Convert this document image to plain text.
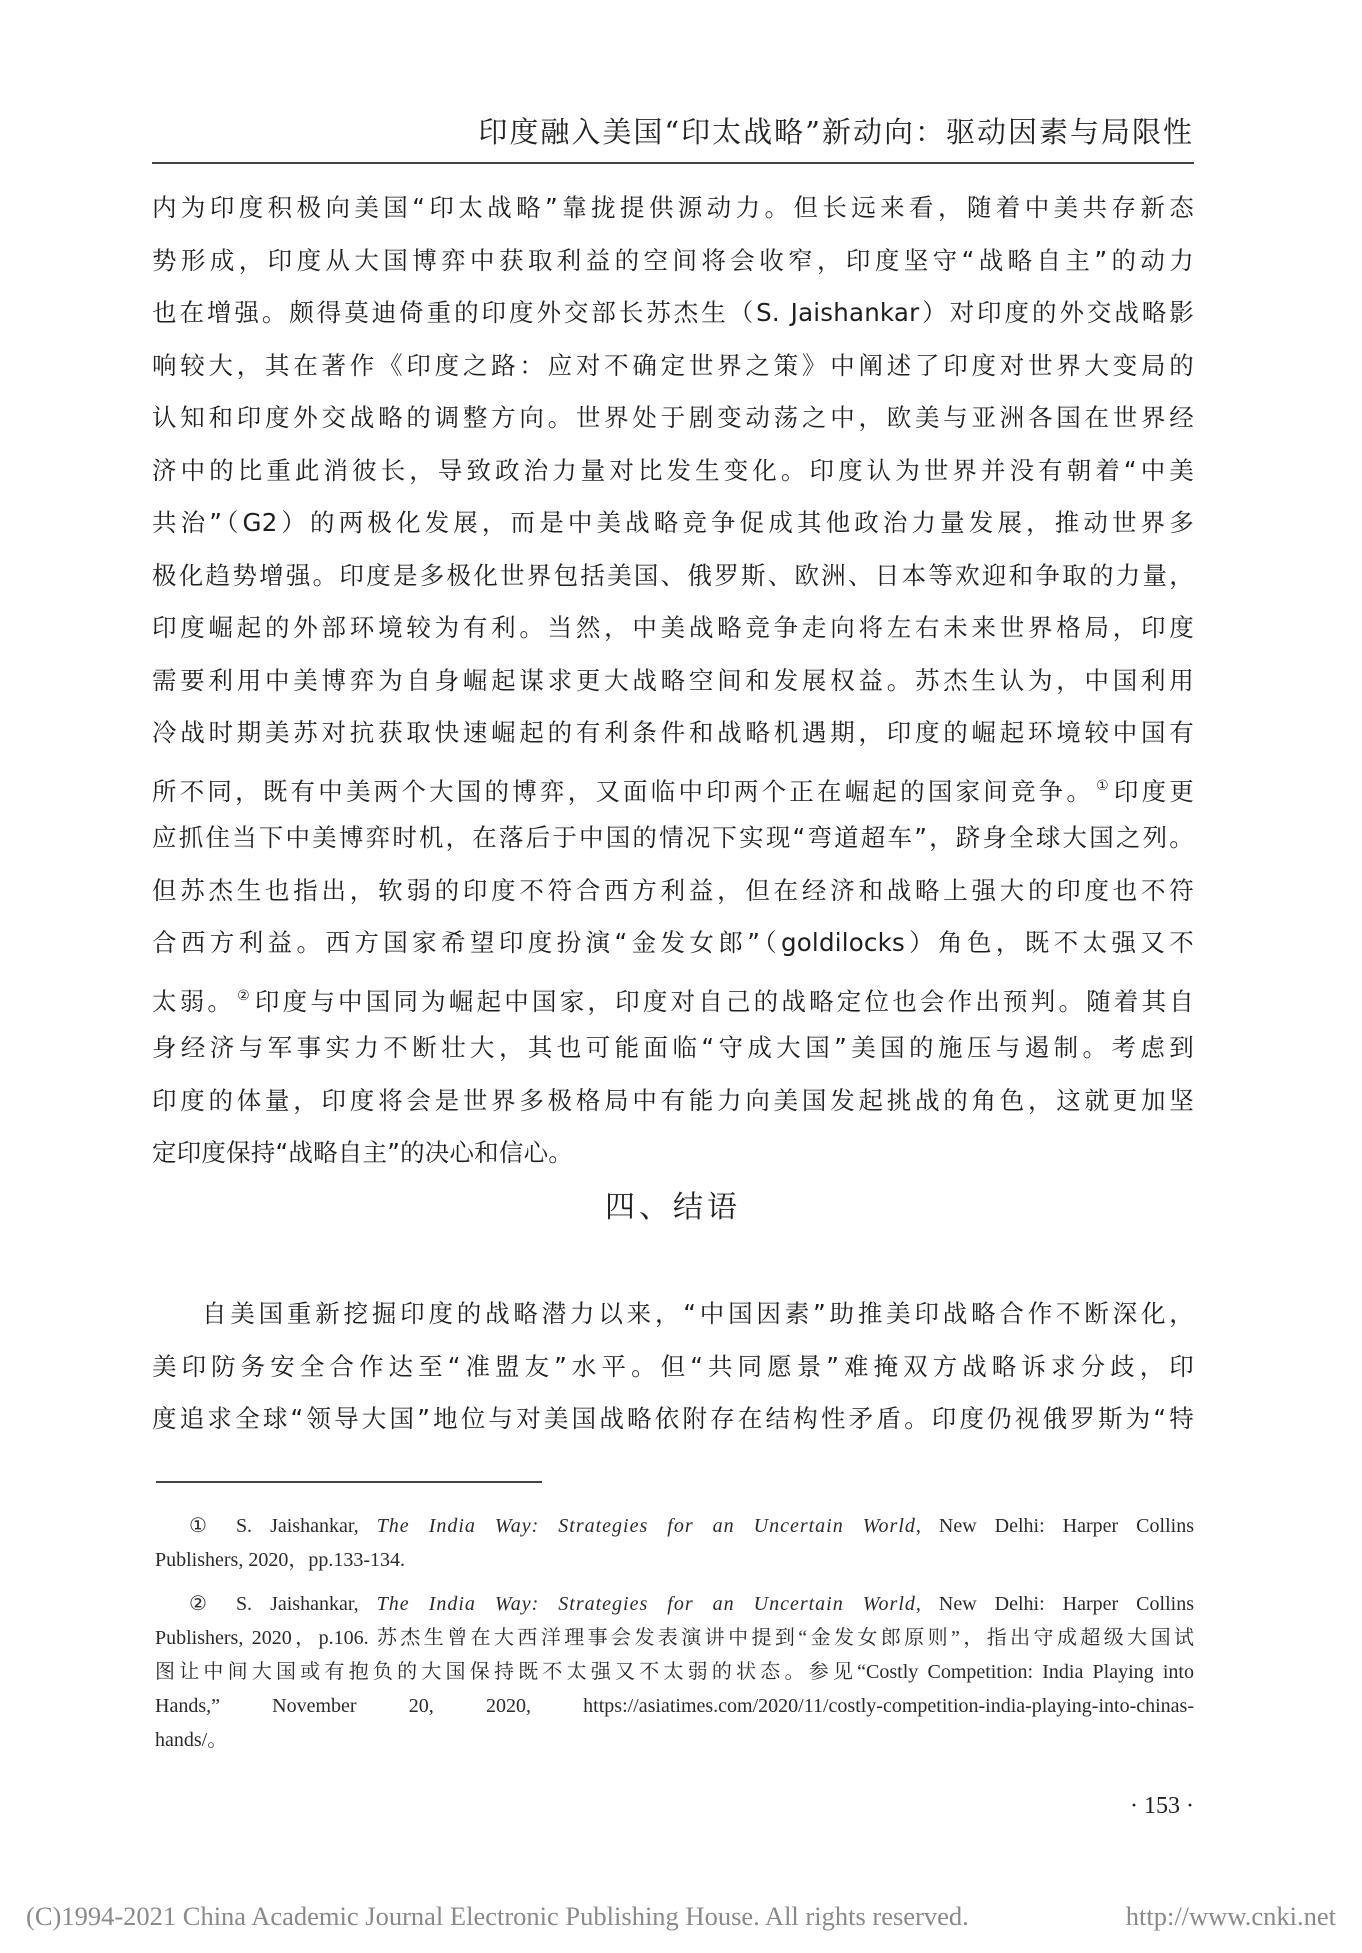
印度融入美国“印太战略”新动向：驱动因素与局限性
内为印度积极向美国“印太战略”靠拢提供源动力。但长远来看，随着中美共存新态
势形成，印度从大国博弈中获取利益的空间将会收窄，印度坚守“战略自主”的动力
也在增强。颇得莫迪倚重的印度外交部长苏杰生（S. Jaishankar）对印度的外交战略影
响较大，其在著作《印度之路：应对不确定世界之策》中阐述了印度对世界大变局的
认知和印度外交战略的调整方向。世界处于剧变动荡之中，欧美与亚洲各国在世界经
济中的比重此消彼长，导致政治力量对比发生变化。印度认为世界并没有朝着“中美
共治”（G2）的两极化发展，而是中美战略竞争促成其他政治力量发展，推动世界多
极化趋势增强。印度是多极化世界包括美国、俄罗斯、欧洲、日本等欢迎和争取的力量，
印度崛起的外部环境较为有利。当然，中美战略竞争走向将左右未来世界格局，印度
需要利用中美博弈为自身崛起谋求更大战略空间和发展权益。苏杰生认为，中国利用
冷战时期美苏对抗获取快速崛起的有利条件和战略机遇期，印度的崛起环境较中国有
所不同，既有中美两个大国的博弈，又面临中印两个正在崛起的国家间竞争。 ①印度更
应抓住当下中美博弈时机，在落后于中国的情况下实现“弯道超车”，跻身全球大国之列。
但苏杰生也指出，软弱的印度不符合西方利益，但在经济和战略上强大的印度也不符
合西方利益。西方国家希望印度扮演“金发女郎”（goldilocks）角色，既不太强又不
太弱。 ②印度与中国同为崛起中国家，印度对自己的战略定位也会作出预判。随着其自
身经济与军事实力不断壮大，其也可能面临“守成大国”美国的施压与遏制。考虑到
印度的体量，印度将会是世界多极格局中有能力向美国发起挑战的角色，这就更加坚
定印度保持“战略自主”的决心和信心。
四、结语
自美国重新挖掘印度的战略潜力以来，“中国因素”助推美印战略合作不断深化，
美印防务安全合作达至“准盟友”水平。但“共同愿景”难掩双方战略诉求分歧，印
度追求全球“领导大国”地位与对美国战略依附存在结构性矛盾。印度仍视俄罗斯为“特
① S. Jaishankar, The India Way: Strategies for an Uncertain World, New Delhi: Harper Collins
Publishers, 2020，pp.133-134.
② S. Jaishankar, The India Way: Strategies for an Uncertain World, New Delhi: Harper Collins
Publishers, 2020，p.106. 苏杰生曾在大西洋理事会发表演讲中提到“金发女郎原则”，指出守成超级大国试
图让中间大国或有抱负的大国保持既不太强又不太弱的状态。参见“Costly Competition: India Playing into
Hands,” November 20, 2020, https://asiatimes.com/2020/11/costly-competition-india-playing-into-chinas-
hands/。
· 153 ·
(C)1994-2021 China Academic Journal Electronic Publishing House. All rights reserved.	http://www.cnki.net
